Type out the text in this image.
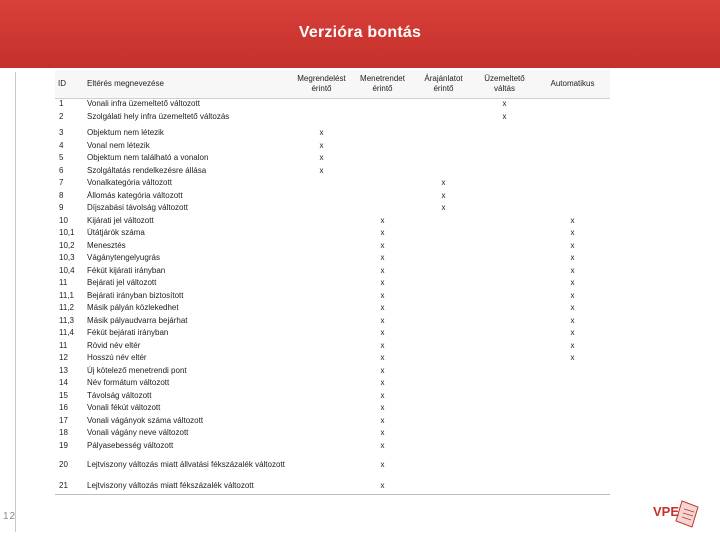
Verzióra bontás
12
ID	Eltérés megnevezése	Megrendelést érintő	Menetrendet érintő	Árajánlatot érintő	Üzemeltető váltás	Automatikus
1	Vonali infra üzemeltető változott				x	
2	Szolgálati hely infra üzemeltető változás				x	

3	Objektum nem létezik	x				
4	Vonal nem létezik	x				
5	Objektum nem található a vonalon	x				
6	Szolgáltatás rendelkezésre állása	x				
7	Vonalkategória változott			x		
8	Állomás kategória változott			x		
9	Díjszabási távolság változott			x		
10	Kijárati jel változott		x			x
10,1	Útátjárók száma		x			x
10,2	Menesztés		x			x
10,3	Vágánytengelyugrás		x			x
10,4	Fékút kijárati irányban		x			x
11	Bejárati jel változott		x			x
11,1	Bejárati irányban biztosított		x			x
11,2	Másik pályán közlekedhet		x			x
11,3	Másik pályaudvarra bejárhat		x			x
11,4	Fékút bejárati irányban		x			x
11	Rövid név eltér		x			x
12	Hosszú név eltér		x			x
13	Új kötelező menetrendi pont		x			
14	Név formátum változott		x			
15	Távolság változott		x			
16	Vonali fékút változott		x			
17	Vonali vágányok száma változott		x			
18	Vonali vágány neve változott		x			
19	Pályasebesség változott		x			
20	Lejtviszony változás miatt állvatási fékszázalék változott		x			
21	Lejtviszony változás miatt fékszázalék változott		x			
VPE
